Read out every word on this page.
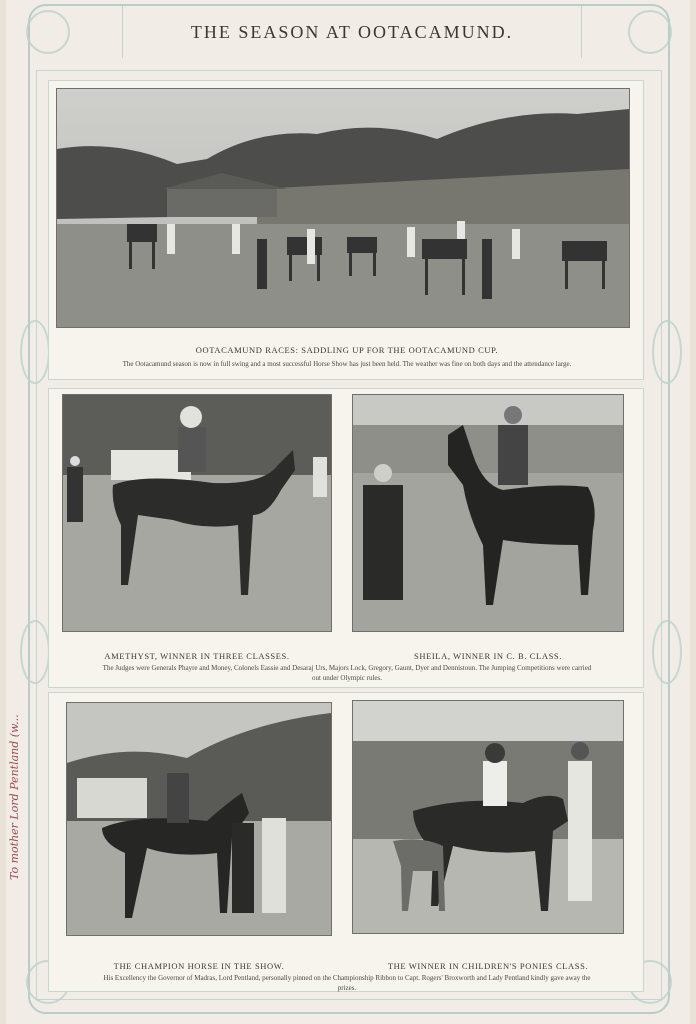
THE SEASON AT OOTACAMUND.
OOTACAMUND RACES: SADDLING UP FOR THE OOTACAMUND CUP.
The Ootacamund season is now in full swing and a most successful Horse Show has just been held. The weather was fine on both days and the attendance large.
AMETHYST, WINNER IN THREE CLASSES.	SHEILA, WINNER IN C. B. CLASS.
The Judges were Generals Phayre and Money, Colonels Eassie and Desaraj Urs, Majors Lock, Gregory, Gaunt, Dyer and Dennistoun. The Jumping Competitions were carried out under Olympic rules.
THE CHAMPION HORSE IN THE SHOW.	THE WINNER IN CHILDREN'S PONIES CLASS.
His Excellency the Governor of Madras, Lord Pentland, personally pinned on the Championship Ribbon to Capt. Rogers' Broxworth and Lady Pentland kindly gave away the prizes.
To mother Lord Pentland (w...
